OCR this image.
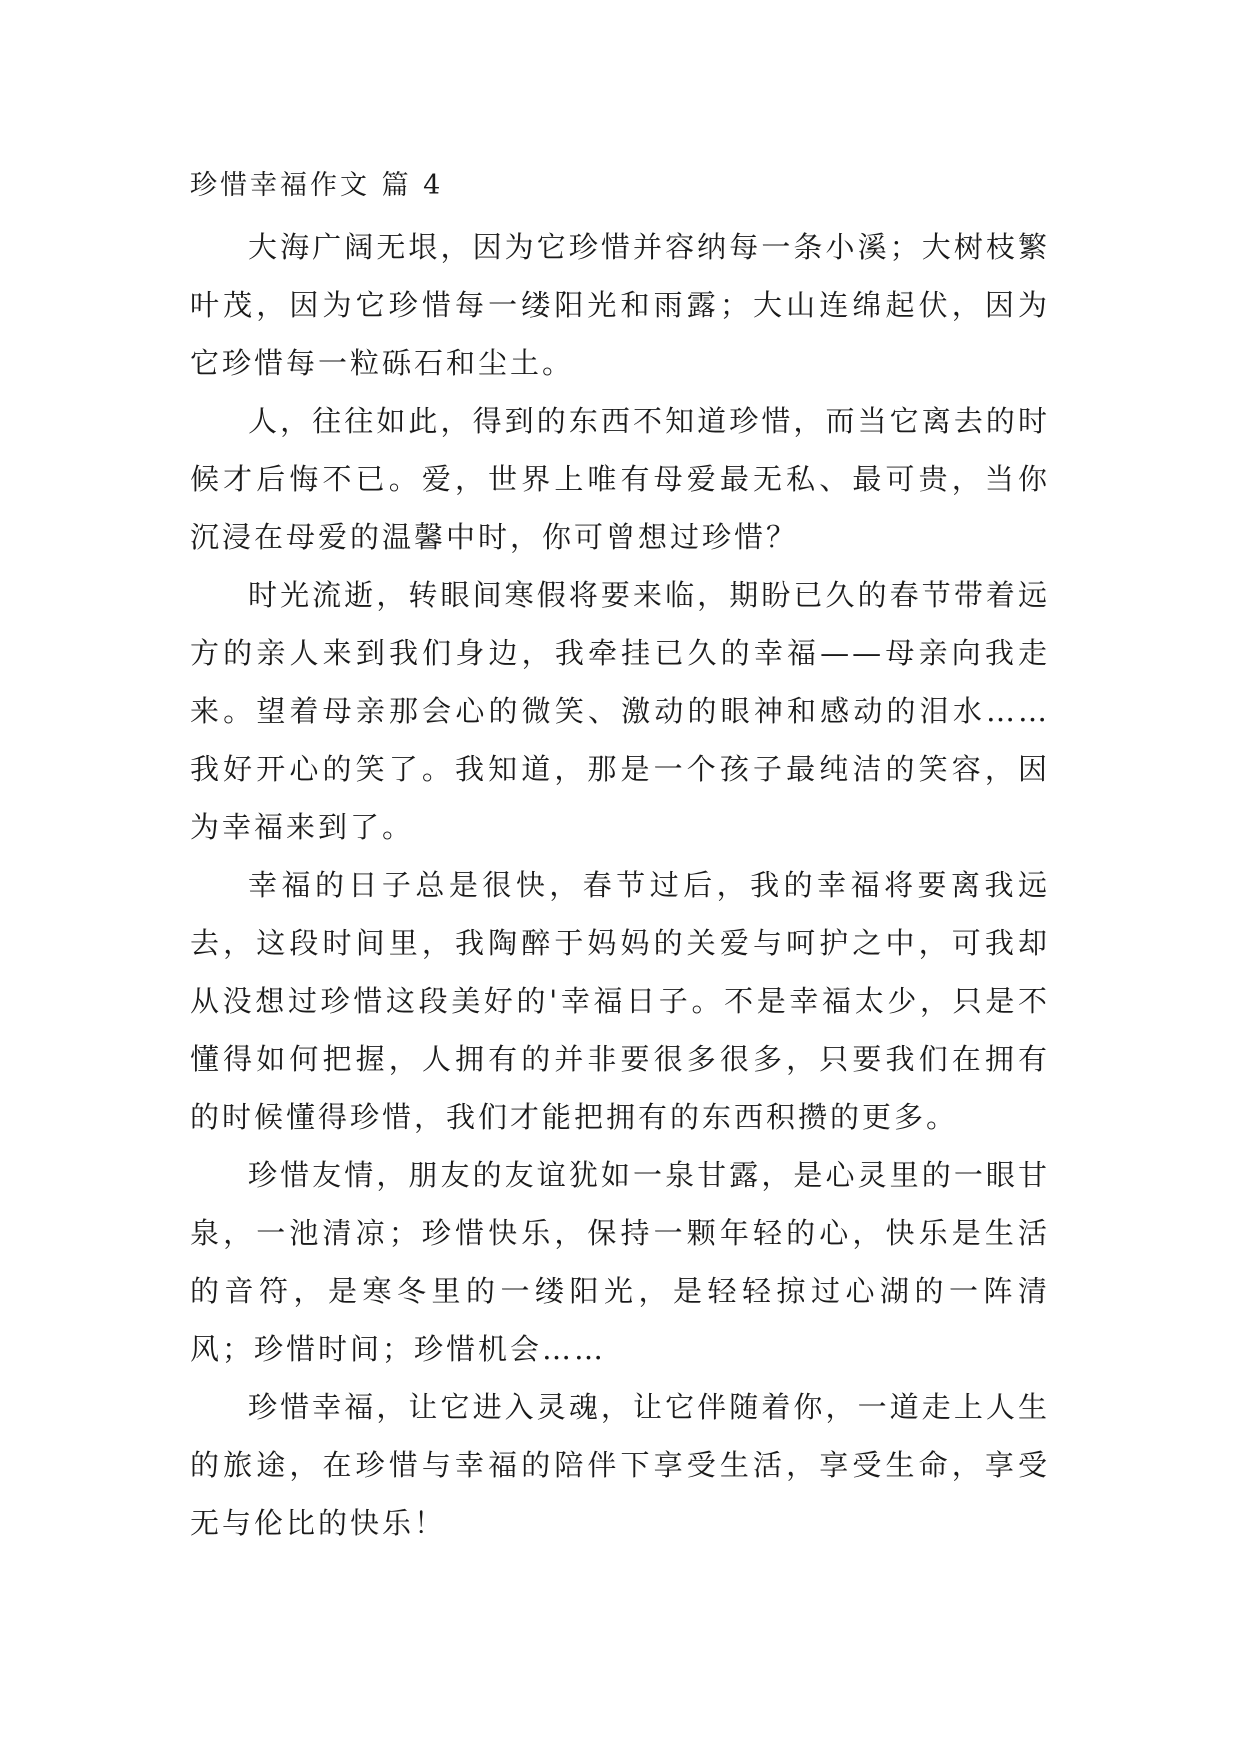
珍惜幸福作文 篇 4

大海广阔无垠，因为它珍惜并容纳每一条小溪；大树枝繁叶茂，因为它珍惜每一缕阳光和雨露；大山连绵起伏，因为它珍惜每一粒砾石和尘土。

人，往往如此，得到的东西不知道珍惜，而当它离去的时候才后悔不已。爱，世界上唯有母爱最无私、最可贵，当你沉浸在母爱的温馨中时，你可曾想过珍惜？

时光流逝，转眼间寒假将要来临，期盼已久的春节带着远方的亲人来到我们身边，我牵挂已久的幸福——母亲向我走来。望着母亲那会心的微笑、激动的眼神和感动的泪水……我好开心的笑了。我知道，那是一个孩子最纯洁的笑容，因为幸福来到了。

幸福的日子总是很快，春节过后，我的幸福将要离我远去，这段时间里，我陶醉于妈妈的关爱与呵护之中，可我却从没想过珍惜这段美好的'幸福日子。不是幸福太少，只是不懂得如何把握，人拥有的并非要很多很多，只要我们在拥有的时候懂得珍惜，我们才能把拥有的东西积攒的更多。

珍惜友情，朋友的友谊犹如一泉甘露，是心灵里的一眼甘泉，一池清凉；珍惜快乐，保持一颗年轻的心，快乐是生活的音符，是寒冬里的一缕阳光，是轻轻掠过心湖的一阵清风；珍惜时间；珍惜机会……

珍惜幸福，让它进入灵魂，让它伴随着你，一道走上人生的旅途，在珍惜与幸福的陪伴下享受生活，享受生命，享受无与伦比的快乐！
